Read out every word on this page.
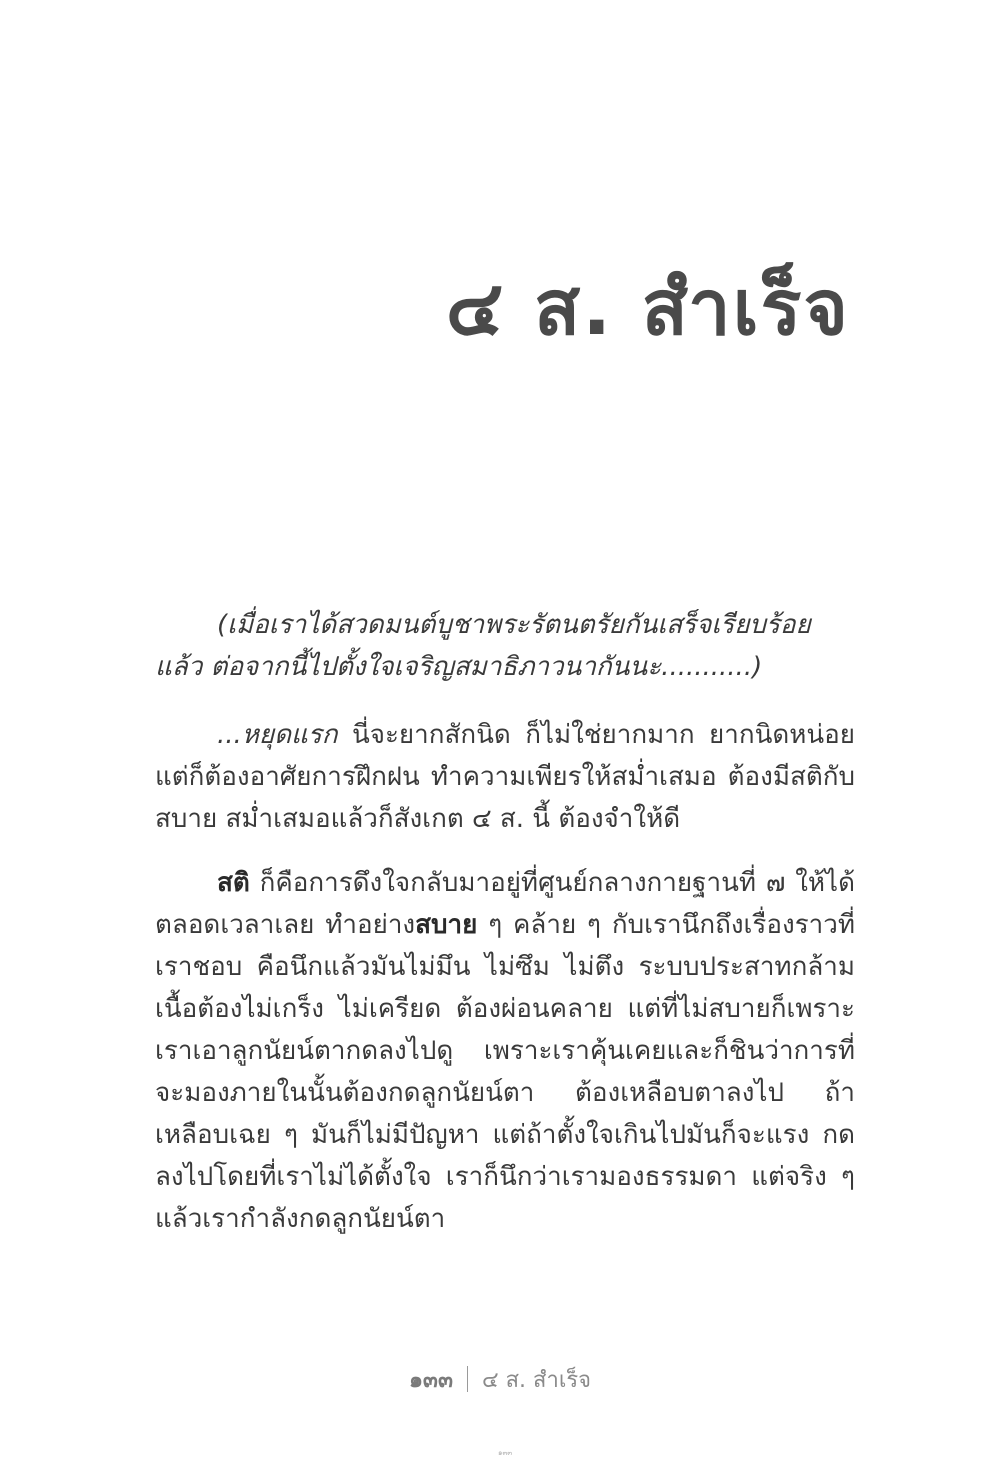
๔ ส. สำเร็จ

(เมื่อเราได้สวดมนต์บูชาพระรัตนตรัยกันเสร็จเรียบร้อยแล้ว ต่อจากนี้ไปตั้งใจเจริญสมาธิภาวนากันนะ...........)

...หยุดแรก นี่จะยากสักนิด ก็ไม่ใช่ยากมาก ยากนิดหน่อย แต่ก็ต้องอาศัยการฝึกฝน ทำความเพียรให้สม่ำเสมอ ต้องมีสติกับสบาย สม่ำเสมอแล้วก็สังเกต ๔ ส. นี้ ต้องจำให้ดี

สติ ก็คือการดึงใจกลับมาอยู่ที่ศูนย์กลางกายฐานที่ ๗ ให้ได้ตลอดเวลาเลย ทำอย่างสบาย ๆ คล้าย ๆ กับเรานึกถึงเรื่องราวที่เราชอบ คือนึกแล้วมันไม่มึน ไม่ซึม ไม่ตึง ระบบประสาทกล้ามเนื้อต้องไม่เกร็ง ไม่เครียด ต้องผ่อนคลาย แต่ที่ไม่สบายก็เพราะเราเอาลูกนัยน์ตากดลงไปดู เพราะเราคุ้นเคยและก็ชินว่าการที่จะมองภายในนั้นต้องกดลูกนัยน์ตา ต้องเหลือบตาลงไป ถ้าเหลือบเฉย ๆ มันก็ไม่มีปัญหา แต่ถ้าตั้งใจเกินไปมันก็จะแรง กดลงไปโดยที่เราไม่ได้ตั้งใจ เราก็นึกว่าเรามองธรรมดา แต่จริง ๆ แล้วเรากำลังกดลูกนัยน์ตา

๑๓๓ ๔ ส. สำเร็จ
๑๓๓
